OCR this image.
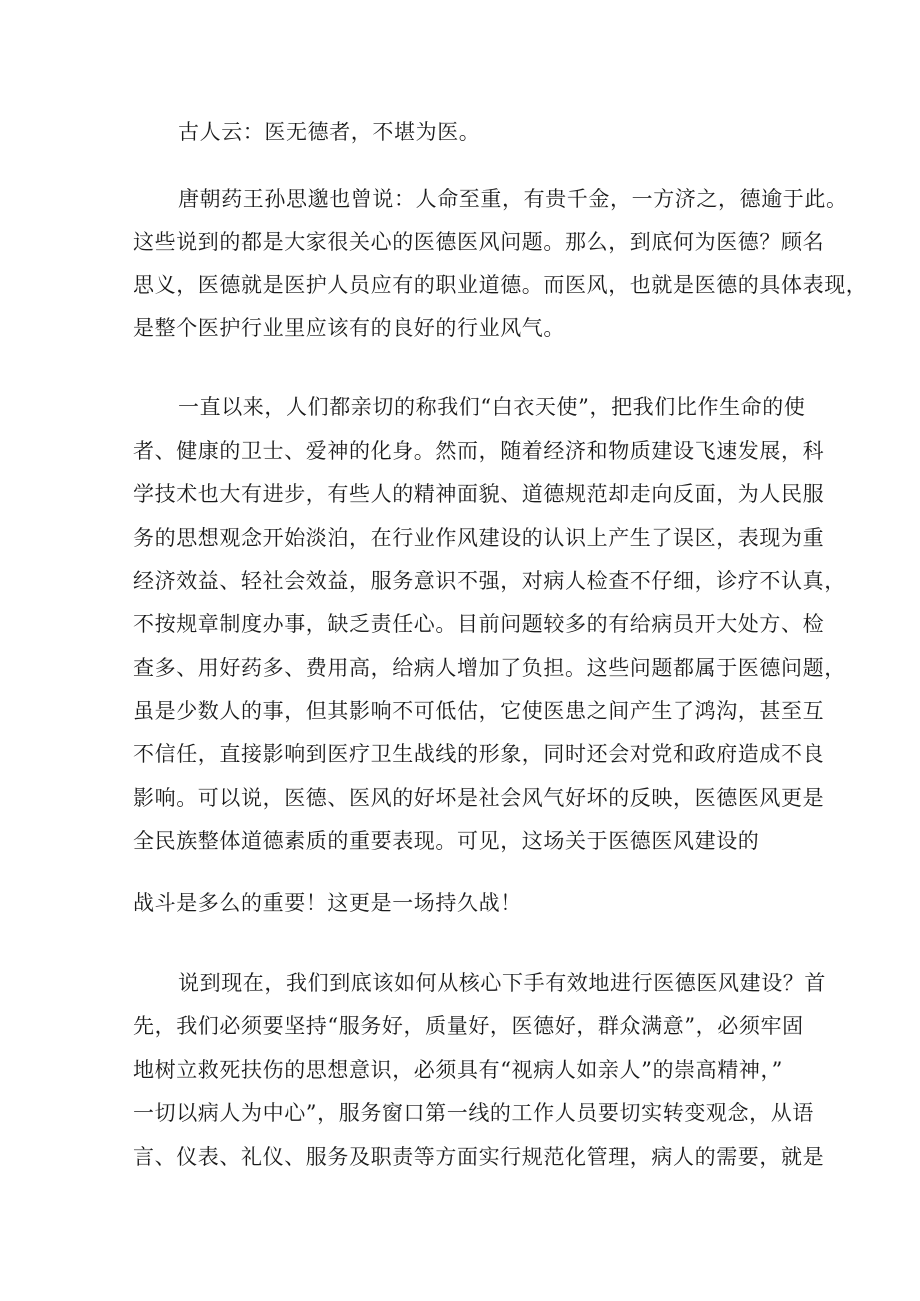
古人云：医无德者，不堪为医。
唐朝药王孙思邈也曾说：人命至重，有贵千金，一方济之，德逾于此。
这些说到的都是大家很关心的医德医风问题。那么，到底何为医德？顾名
思义，医德就是医护人员应有的职业道德。而医风，也就是医德的具体表现，
是整个医护行业里应该有的良好的行业风气。
一直以来，人们都亲切的称我们“白衣天使”，把我们比作生命的使
者、健康的卫士、爱神的化身。然而，随着经济和物质建设飞速发展，科
学技术也大有进步，有些人的精神面貌、道德规范却走向反面，为人民服
务的思想观念开始淡泊，在行业作风建设的认识上产生了误区，表现为重
经济效益、轻社会效益，服务意识不强，对病人检查不仔细，诊疗不认真，
不按规章制度办事，缺乏责任心。目前问题较多的有给病员开大处方、检
查多、用好药多、费用高，给病人增加了负担。这些问题都属于医德问题，
虽是少数人的事，但其影响不可低估，它使医患之间产生了鸿沟，甚至互
不信任，直接影响到医疗卫生战线的形象，同时还会对党和政府造成不良
影响。可以说，医德、医风的好坏是社会风气好坏的反映，医德医风更是
全民族整体道德素质的重要表现。可见，这场关于医德医风建设的
战斗是多么的重要！这更是一场持久战！
说到现在，我们到底该如何从核心下手有效地进行医德医风建设？首
先，我们必须要坚持“服务好，质量好，医德好，群众满意”，必须牢固
地树立救死扶伤的思想意识，必须具有“视病人如亲人”的崇高精神，”
一切以病人为中心”，服务窗口第一线的工作人员要切实转变观念，从语
言、仪表、礼仪、服务及职责等方面实行规范化管理，病人的需要，就是
